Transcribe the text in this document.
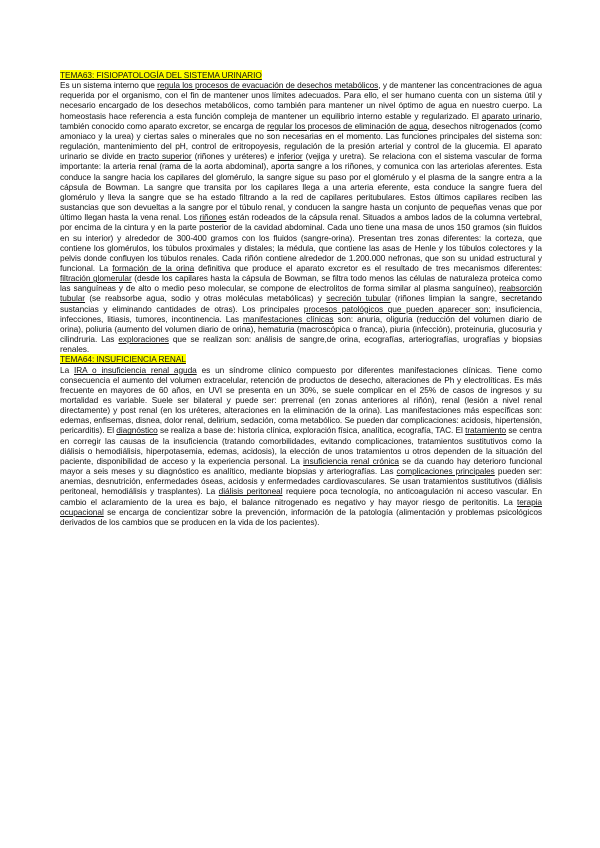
TEMA63: FISIOPATOLOGÍA DEL SISTEMA URINARIO

Es un sistema interno que regula los procesos de evacuación de desechos metabólicos, y de mantener las concentraciones de agua requerida por el organismo, con el fin de mantener unos límites adecuados. Para ello, el ser humano cuenta con un sistema útil y necesario encargado de los desechos metabólicos, como también para mantener un nivel óptimo de agua en nuestro cuerpo. La homeostasis hace referencia a esta función compleja de mantener un equilibrio interno estable y regularizado. El aparato urinario, también conocido como aparato excretor, se encarga de regular los procesos de eliminación de agua, desechos nitrogenados (como amoniaco y la urea) y ciertas sales o minerales que no son necesarias en el momento. Las funciones principales del sistema son: regulación, mantenimiento del pH, control de eritropoyesis, regulación de la presión arterial y control de la glucemia. El aparato urinario se divide en tracto superior (riñones y uréteres) e inferior (vejiga y uretra). Se relaciona con el sistema vascular de forma importante: la arteria renal (rama de la aorta abdominal), aporta sangre a los riñones, y comunica con las arteriolas aferentes. Esta conduce la sangre hacia los capilares del glomérulo, la sangre sigue su paso por el glomérulo y el plasma de la sangre entra a la cápsula de Bowman. La sangre que transita por los capilares llega a una arteria eferente, esta conduce la sangre fuera del glomérulo y lleva la sangre que se ha estado filtrando a la red de capilares peritubulares. Estos últimos capilares reciben las sustancias que son devueltas a la sangre por el túbulo renal, y conducen la sangre hasta un conjunto de pequeñas venas que por último llegan hasta la vena renal. Los riñones están rodeados de la cápsula renal. Situados a ambos lados de la columna vertebral, por encima de la cintura y en la parte posterior de la cavidad abdominal. Cada uno tiene una masa de unos 150 gramos (sin fluidos en su interior) y alrededor de 300-400 gramos con los fluidos (sangre-orina). Presentan tres zonas diferentes: la corteza, que contiene los glomérulos, los túbulos proximales y distales; la médula, que contiene las asas de Henle y los túbulos colectores y la pelvis donde confluyen los túbulos renales. Cada riñón contiene alrededor de 1.200.000 nefronas, que son su unidad estructural y funcional. La formación de la orina definitiva que produce el aparato excretor es el resultado de tres mecanismos diferentes: filtración glomerular (desde los capilares hasta la cápsula de Bowman, se filtra todo menos las células de naturaleza proteica como las sanguíneas y de alto o medio peso molecular, se compone de electrolitos de forma similar al plasma sanguíneo), reabsorción tubular (se reabsorbe agua, sodio y otras moléculas metabólicas) y secreción tubular (riñones limpian la sangre, secretando sustancias y eliminando cantidades de otras). Los principales procesos patológicos que pueden aparecer son: insuficiencia, infecciones, litiasis, tumores, incontinencia. Las manifestaciones clínicas son: anuria, oliguria (reducción del volumen diario de orina), poliuria (aumento del volumen diario de orina), hematuria (macroscópica o franca), piuria (infección), proteinuria, glucosuria y cilindruria. Las exploraciones que se realizan son: análisis de sangre,de orina, ecografías, arteriografías, urografías y biopsias renales.

TEMA64: INSUFICIENCIA RENAL

La IRA o insuficiencia renal aguda es un síndrome clínico compuesto por diferentes manifestaciones clínicas. Tiene como consecuencia el aumento del volumen extracelular, retención de productos de desecho, alteraciones de Ph y electrolíticas. Es más frecuente en mayores de 60 años, en UVI se presenta en un 30%, se suele complicar en el 25% de casos de ingresos y su mortalidad es variable. Suele ser bilateral y puede ser: prerrenal (en zonas anteriores al riñón), renal (lesión a nivel renal directamente) y post renal (en los uréteres, alteraciones en la eliminación de la orina). Las manifestaciones más específicas son: edemas, enfisemas, disnea, dolor renal, delirium, sedación, coma metabólico. Se pueden dar complicaciones: acidosis, hipertensión, pericarditis). El diagnóstico se realiza a base de: historia clínica, exploración física, analítica, ecografía, TAC. El tratamiento se centra en corregir las causas de la insuficiencia (tratando comorbilidades, evitando complicaciones, tratamientos sustitutivos como la diálisis o hemodiálisis, hiperpotasemia, edemas, acidosis), la elección de unos tratamientos u otros dependen de la situación del paciente, disponibilidad de acceso y la experiencia personal. La insuficiencia renal crónica se da cuando hay deterioro funcional mayor a seis meses y su diagnóstico es analítico, mediante biopsias y arteriografías. Las complicaciones principales pueden ser: anemias, desnutrición, enfermedades óseas, acidosis y enfermedades cardiovasculares. Se usan tratamientos sustitutivos (diálisis peritoneal, hemodiálisis y trasplantes). La diálisis peritoneal requiere poca tecnología, no anticoagulación ni acceso vascular. En cambio el aclaramiento de la urea es bajo, el balance nitrogenado es negativo y hay mayor riesgo de peritonitis. La terapia ocupacional se encarga de concientizar sobre la prevención, información de la patología (alimentación y problemas psicológicos derivados de los cambios que se producen en la vida de los pacientes).
